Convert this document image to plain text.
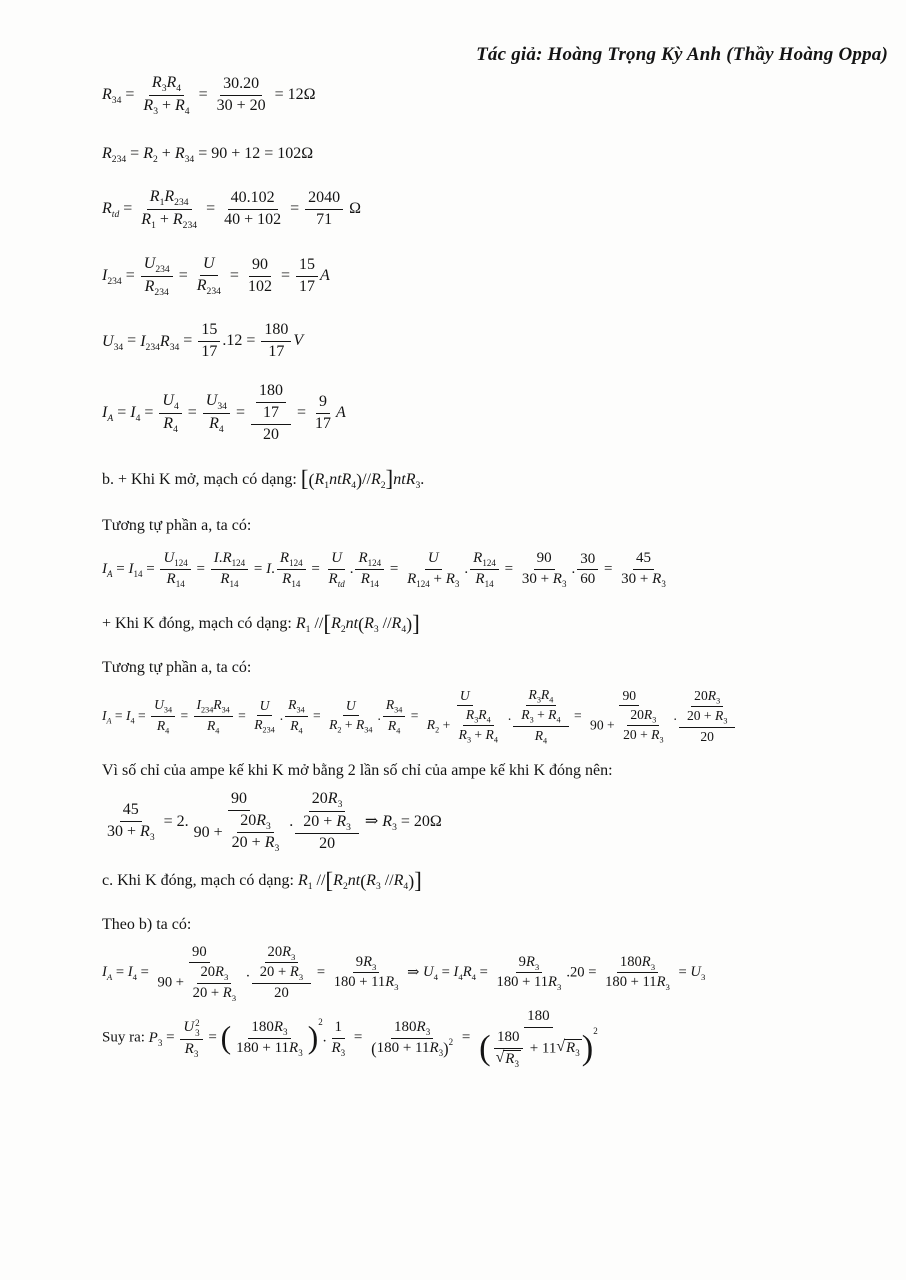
Tác giả: Hoàng Trọng Kỳ Anh (Thầy Hoàng Oppa)
$R_{34} = \frac{R_3R_4}{R_3 + R_4} = \frac{30.20}{30 + 20} = 12\Omega$
$R_{234} = R_2 + R_{34} = 90 + 12 = 102\Omega$
$R_{td} = \frac{R_1R_{234}}{R_1 + R_{234}} = \frac{40.102}{40 + 102} = \frac{2040}{71}$ Ω
$I_{234} = \frac{U_{234}}{R_{234}} = \frac{U}{R_{234}} = \frac{90}{102} = \frac{15}{17}$ A
$U_{34} = I_{234}R_{34} = \frac{15}{17} .12 = \frac{180}{17}$ V
$I_A = I_4 = \frac{U_4}{R_4} = \frac{U_{34}}{R_4} = \frac{\frac{180}{17}}{20} = \frac{9}{17}$ A
b. + Khi K mở, mạch có dạng: $[(R_1ntR_4)//R_2]ntR_3$.
Tương tự phần a, ta có:
$I_A = I_{14} = \frac{U_{124}}{R_{14}} = \frac{I.R_{124}}{R_{14}} = I$. $\frac{R_{124}}{R_{14}} = \frac{U}{R_{td}}$ . $\frac{R_{124}}{R_{14}} = \frac{U}{R_{124} + R_3}$ . $\frac{R_{124}}{R_{14}} = \frac{90}{30 + R_3}$ . $\frac{30}{60} = \frac{45}{30 + R_3}$
+ Khi K đóng, mạch có dạng: $R_1$ $//[R_2nt(R_3$ $//R_4$)]
Tương tự phần a, ta có:
$I_A = I_4 = \frac{U_{34}}{R_4} = \frac{I_{234}R_{34}}{R_4} = \frac{U}{R_{234}}$ . $\frac{R_{34}}{R_4} = \frac{U}{R_2 + R_{34}}$ . $\frac{R_{34}}{R_4} = \frac{U}{R_2 + \frac{R_3R_4}{R_3 + R_4}}$ . $\frac{\frac{R_3R_4}{R_3 + R_4}}{R_4} = \frac{90}{90 + \frac{20R_3}{20 + R_3}}$ . $\frac{\frac{20R_3}{20 + R_3}}{20}$
Vì số chỉ của ampe kế khi K mở bằng 2 lần số chỉ của ampe kế khi K đóng nên:
$\frac{45}{30 + R_3} = 2$. $\frac{90}{90 + \frac{20R_3}{20 + R_3}}$ . $\frac{\frac{20R_3}{20 + R_3}}{20}$ ⇒ $R_3 = 20\Omega$
c. Khi K đóng, mạch có dạng: $R_1$ $//[R_2nt(R_3$ $//R_4$)]
Theo b) ta có:
$I_A = I_4 = \frac{90}{90 + \frac{20R_3}{20 + R_3}}$ . $\frac{\frac{20R_3}{20 + R_3}}{20} = \frac{9R_3}{180 + 11R_3}$ ⇒ $U_4 = I_4R_4 = \frac{9R_3}{180 + 11R_3} .20 = \frac{180R_3}{180 + 11R_3} = U_3$
Suy ra: $P_3 = U$ 2
3
$R_3$ = ( $\frac{180R_3}{180 + 11R_3}$ ) 2
. $\frac{1}{R_3} = \frac{180R_3}{( 180 + 11R_3 ) 2} = \frac{180}{( \frac{180}{√ R_3} + 11 √ R_3 ) 2}$
